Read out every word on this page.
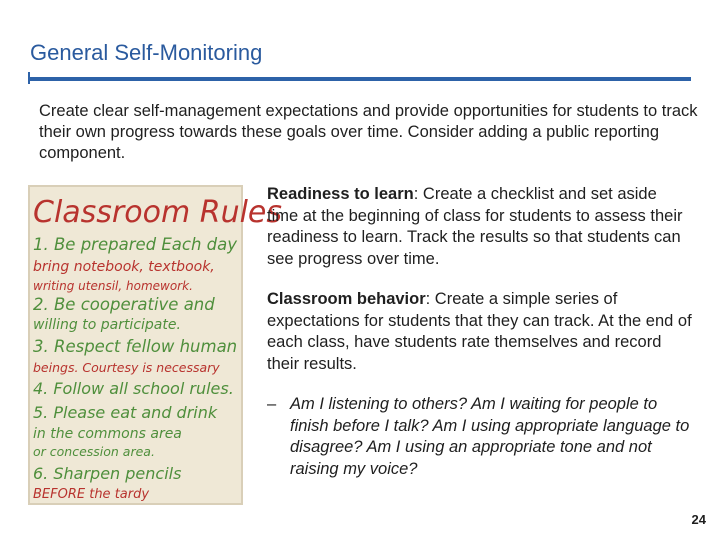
General Self-Monitoring
Create clear self-management expectations and provide opportunities for students to track their own progress towards these goals over time. Consider adding a public reporting component.
Classroom Rules
1. Be prepared Each day
bring notebook, textbook,
writing utensil, homework.
2. Be cooperative and
willing to participate.
3. Respect fellow human
beings. Courtesy is necessary
4. Follow all school rules.
5. Please eat and drink
in the commons area
or concession area.
6. Sharpen pencils
BEFORE the tardy
Readiness to learn: Create a checklist and set aside time at the beginning of class for students to assess their readiness to learn. Track the results so that students can see progress over time.
Classroom behavior: Create a simple series of expectations for students that they can track. At the end of each class, have students rate themselves and record their results.
– Am I listening to others? Am I waiting for people to finish before I talk? Am I using appropriate language to disagree? Am I using an appropriate tone and not raising my voice?
24
